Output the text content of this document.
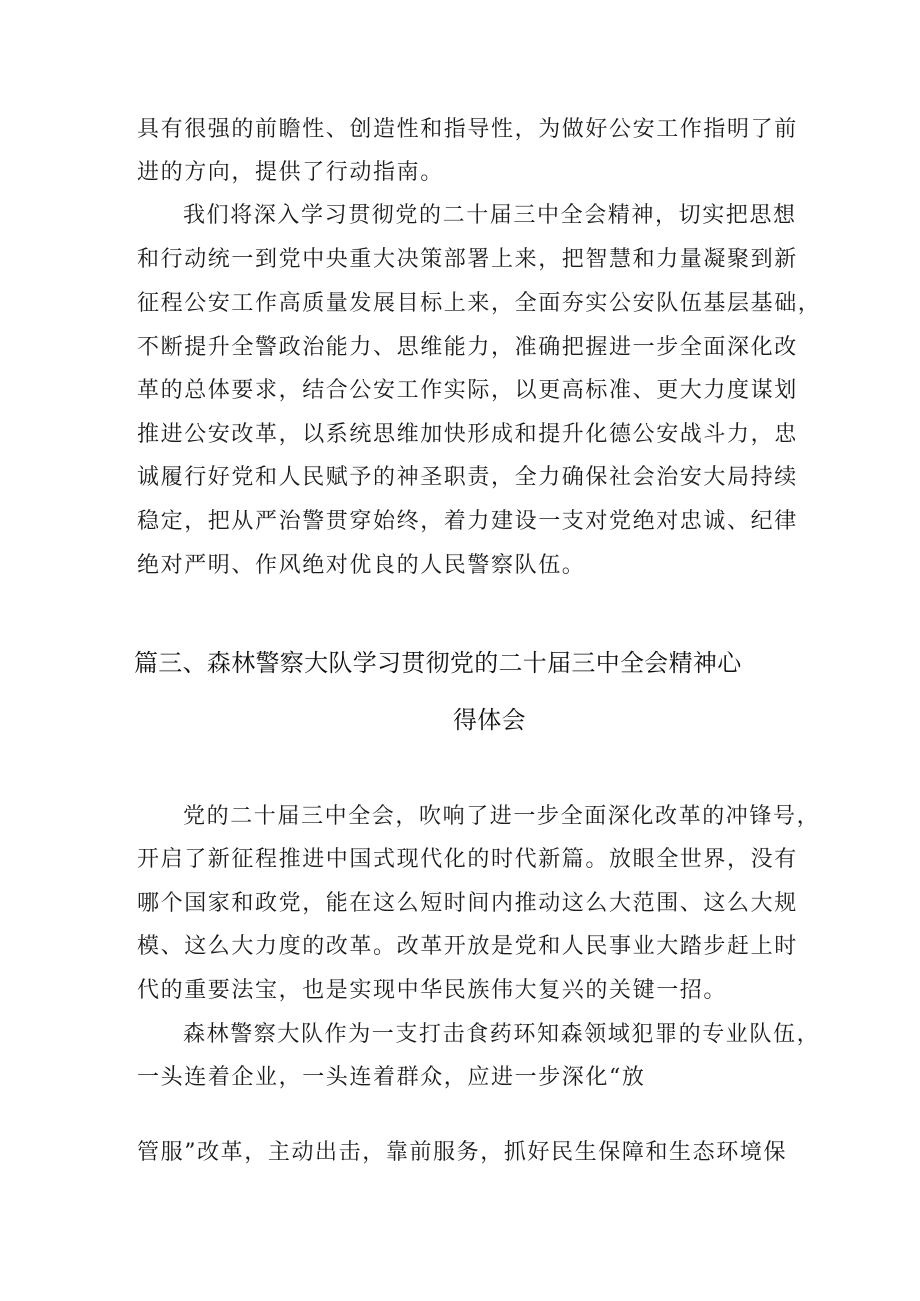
具有很强的前瞻性、创造性和指导性，为做好公安工作指明了前
进的方向，提供了行动指南。
我们将深入学习贯彻党的二十届三中全会精神，切实把思想
和行动统一到党中央重大决策部署上来，把智慧和力量凝聚到新
征程公安工作高质量发展目标上来，全面夯实公安队伍基层基础，
不断提升全警政治能力、思维能力，准确把握进一步全面深化改
革的总体要求，结合公安工作实际，以更高标准、更大力度谋划
推进公安改革，以系统思维加快形成和提升化德公安战斗力，忠
诚履行好党和人民赋予的神圣职责，全力确保社会治安大局持续
稳定，把从严治警贯穿始终，着力建设一支对党绝对忠诚、纪律
绝对严明、作风绝对优良的人民警察队伍。
篇三、森林警察大队学习贯彻党的二十届三中全会精神心
得体会
党的二十届三中全会，吹响了进一步全面深化改革的冲锋号，
开启了新征程推进中国式现代化的时代新篇。放眼全世界，没有
哪个国家和政党，能在这么短时间内推动这么大范围、这么大规
模、这么大力度的改革。改革开放是党和人民事业大踏步赶上时
代的重要法宝，也是实现中华民族伟大复兴的关键一招。
森林警察大队作为一支打击食药环知森领域犯罪的专业队伍，
一头连着企业，一头连着群众，应进一步深化“放
管服”改革，主动出击，靠前服务，抓好民生保障和生态环境保
